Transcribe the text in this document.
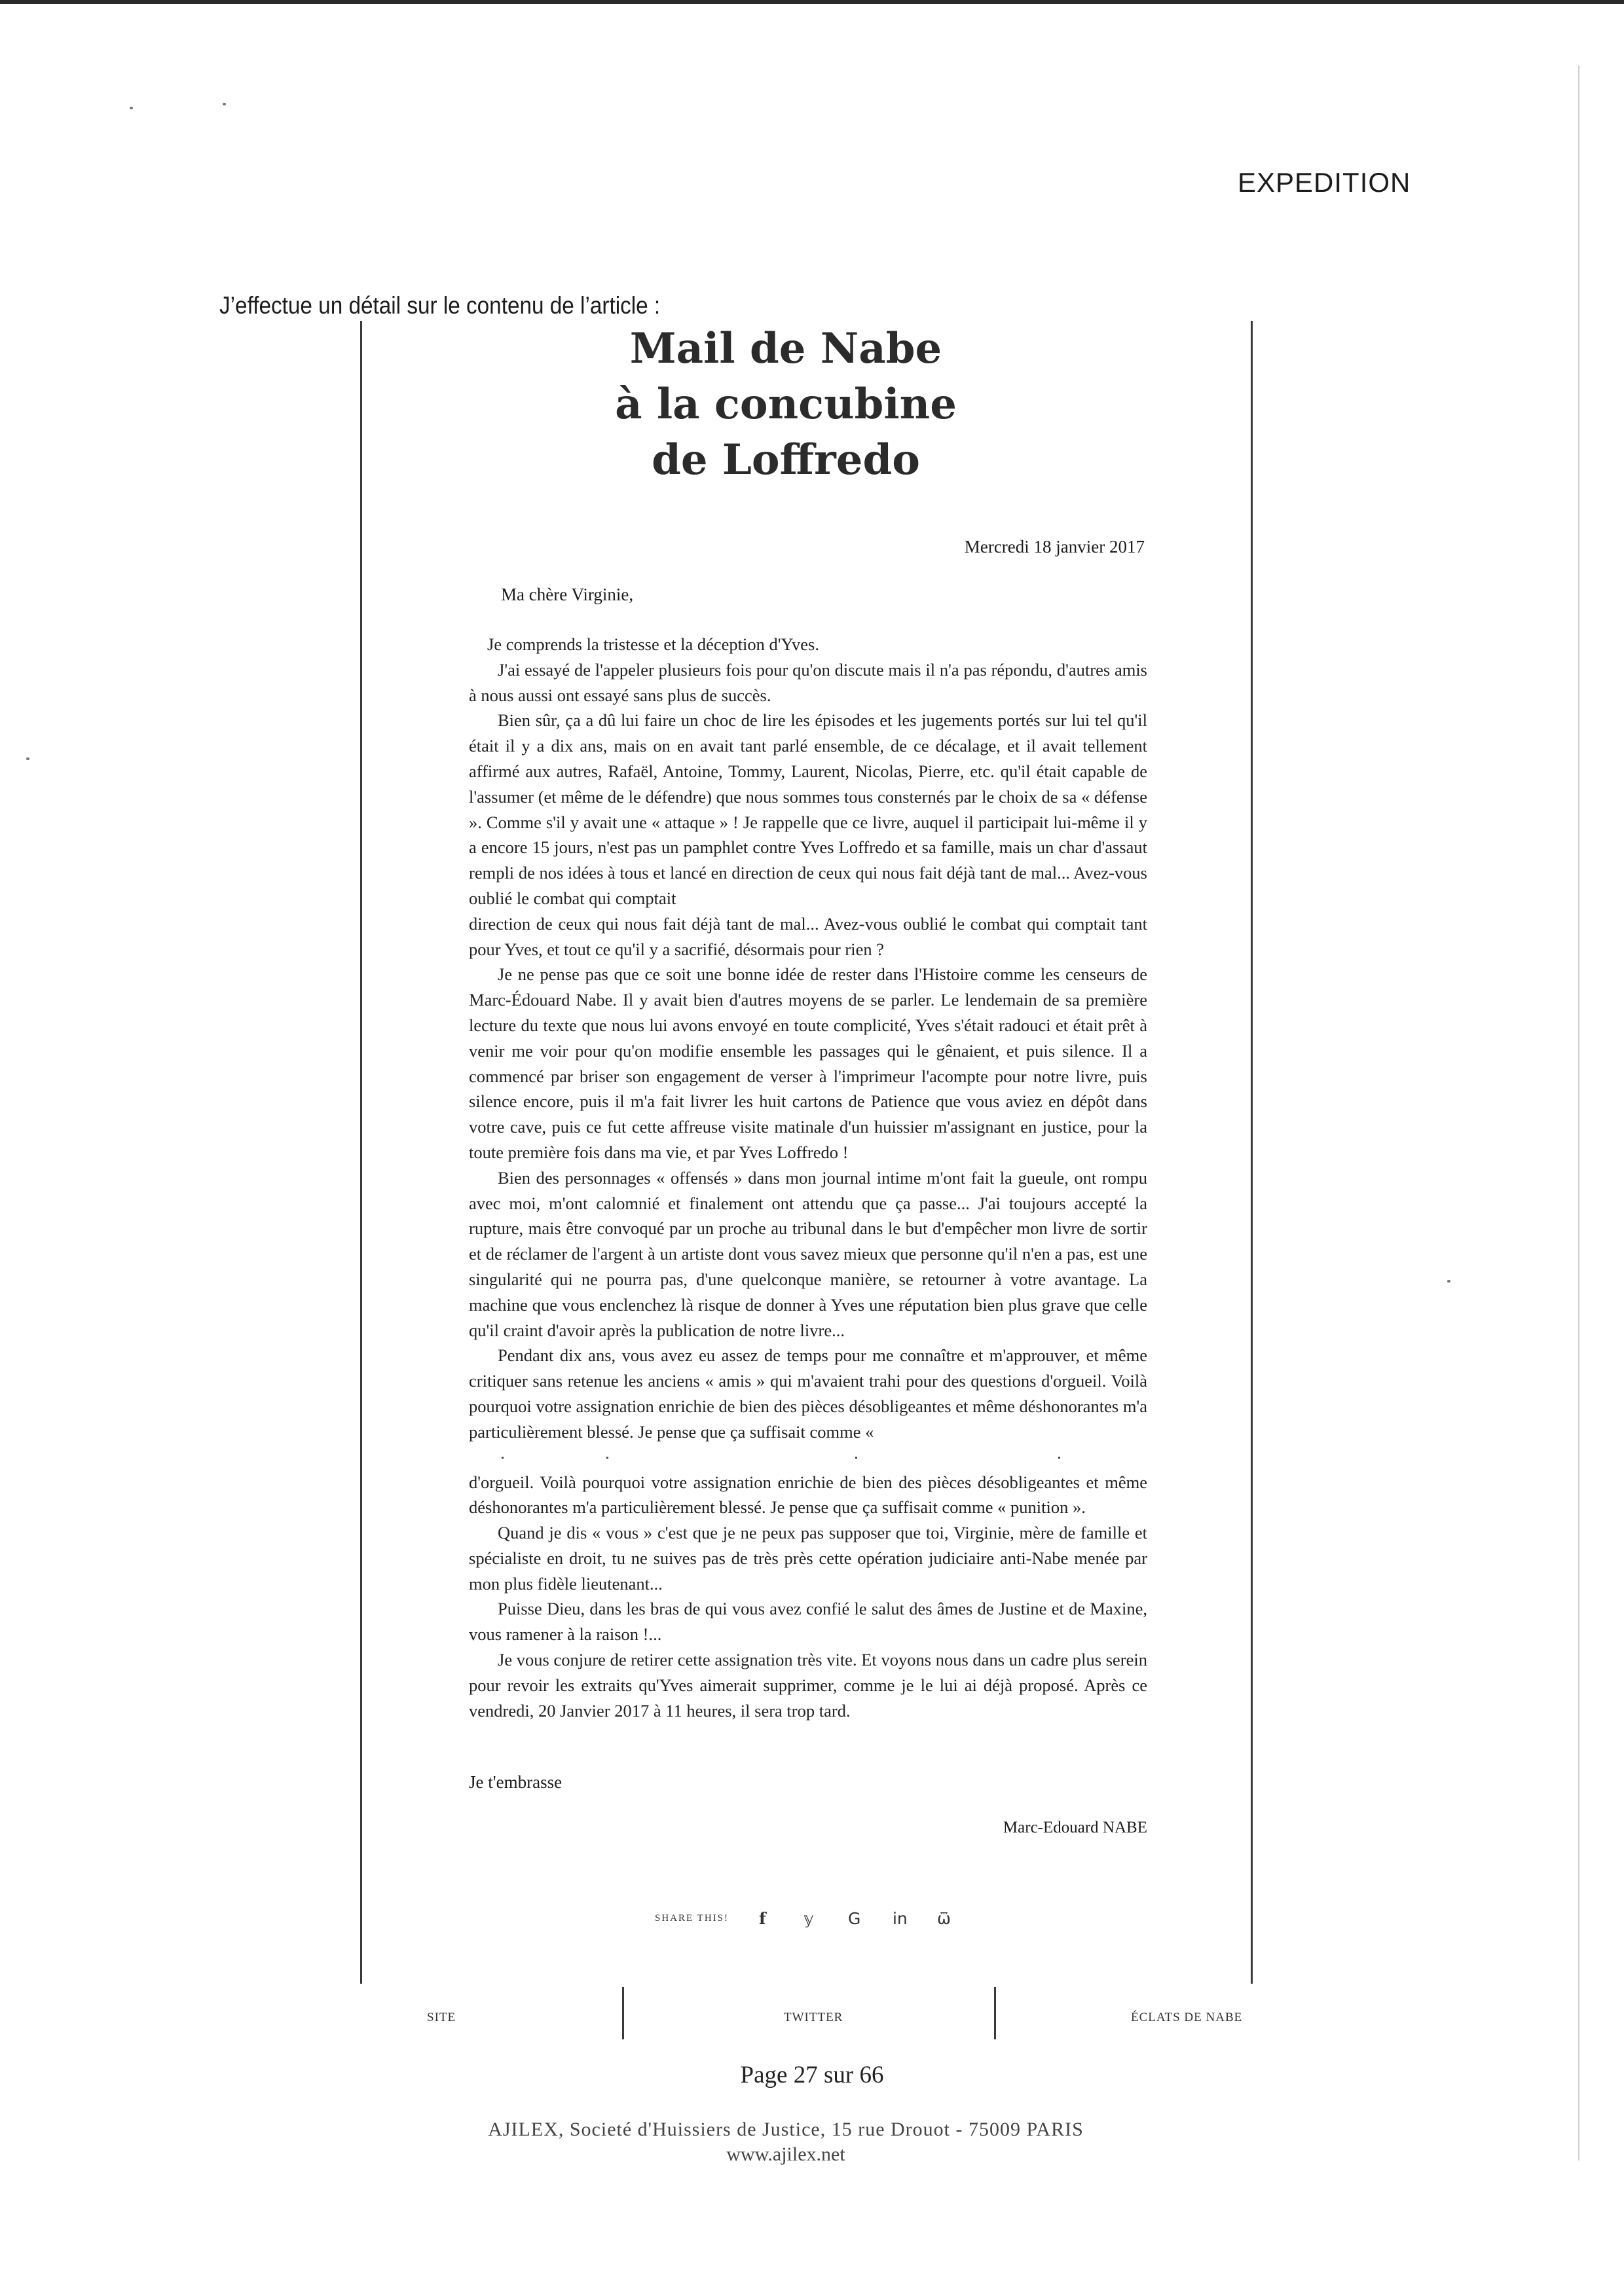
EXPEDITION
J’effectue un détail sur le contenu de l’article :
Mail de Nabe
à la concubine
de Loffredo
Mercredi 18 janvier 2017
Ma chère Virginie,

Je comprends la tristesse et la déception d'Yves.

J'ai essayé de l'appeler plusieurs fois pour qu'on discute mais il n'a pas répondu, d'autres amis à nous aussi ont essayé sans plus de succès.

Bien sûr, ça a dû lui faire un choc de lire les épisodes et les jugements portés sur lui tel qu'il était il y a dix ans, mais on en avait tant parlé ensemble, de ce décalage, et il avait tellement affirmé aux autres, Rafaël, Antoine, Tommy, Laurent, Nicolas, Pierre, etc. qu'il était capable de l'assumer (et même de le défendre) que nous sommes tous consternés par le choix de sa « défense ». Comme s'il y avait une « attaque » ! Je rappelle que ce livre, auquel il participait lui-même il y a encore 15 jours, n'est pas un pamphlet contre Yves Loffredo et sa famille, mais un char d'assaut rempli de nos idées à tous et lancé en direction de ceux qui nous fait déjà tant de mal... Avez-vous oublié le combat qui comptait

direction de ceux qui nous fait déjà tant de mal... Avez-vous oublié le combat qui comptait tant pour Yves, et tout ce qu'il y a sacrifié, désormais pour rien ?

Je ne pense pas que ce soit une bonne idée de rester dans l'Histoire comme les censeurs de Marc-Édouard Nabe. Il y avait bien d'autres moyens de se parler. Le lendemain de sa première lecture du texte que nous lui avons envoyé en toute complicité, Yves s'était radouci et était prêt à venir me voir pour qu'on modifie ensemble les passages qui le gênaient, et puis silence. Il a commencé par briser son engagement de verser à l'imprimeur l'acompte pour notre livre, puis silence encore, puis il m'a fait livrer les huit cartons de Patience que vous aviez en dépôt dans votre cave, puis ce fut cette affreuse visite matinale d'un huissier m'assignant en justice, pour la toute première fois dans ma vie, et par Yves Loffredo !

Bien des personnages « offensés » dans mon journal intime m'ont fait la gueule, ont rompu avec moi, m'ont calomnié et finalement ont attendu que ça passe... J'ai toujours accepté la rupture, mais être convoqué par un proche au tribunal dans le but d'empêcher mon livre de sortir et de réclamer de l'argent à un artiste dont vous savez mieux que personne qu'il n'en a pas, est une singularité qui ne pourra pas, d'une quelconque manière, se retourner à votre avantage. La machine que vous enclenchez là risque de donner à Yves une réputation bien plus grave que celle qu'il craint d'avoir après la publication de notre livre...

Pendant dix ans, vous avez eu assez de temps pour me connaître et m'approuver, et même critiquer sans retenue les anciens « amis » qui m'avaient trahi pour des questions d'orgueil. Voilà pourquoi votre assignation enrichie de bien des pièces désobligeantes et même déshonorantes m'a particulièrement blessé. Je pense que ça suffisait comme «

d'orgueil. Voilà pourquoi votre assignation enrichie de bien des pièces désobligeantes et même déshonorantes m'a particulièrement blessé. Je pense que ça suffisait comme « punition ».

Quand je dis « vous » c'est que je ne peux pas supposer que toi, Virginie, mère de famille et spécialiste en droit, tu ne suives pas de très près cette opération judiciaire anti-Nabe menée par mon plus fidèle lieutenant...

Puisse Dieu, dans les bras de qui vous avez confié le salut des âmes de Justine et de Maxine, vous ramener à la raison !...

Je vous conjure de retirer cette assignation très vite. Et voyons nous dans un cadre plus serein pour revoir les extraits qu'Yves aimerait supprimer, comme je le lui ai déjà proposé. Après ce vendredi, 20 Janvier 2017 à 11 heures, il sera trop tard.

Je t'embrasse
Marc-Edouard NABE
SHARE THIS! f	𝕪	G	in	ѿ
SITE	TWITTER	ÉCLATS DE NABE
Page 27 sur 66
AJILEX, Societé d'Huissiers de Justice, 15 rue Drouot - 75009 PARIS
www.ajilex.net
